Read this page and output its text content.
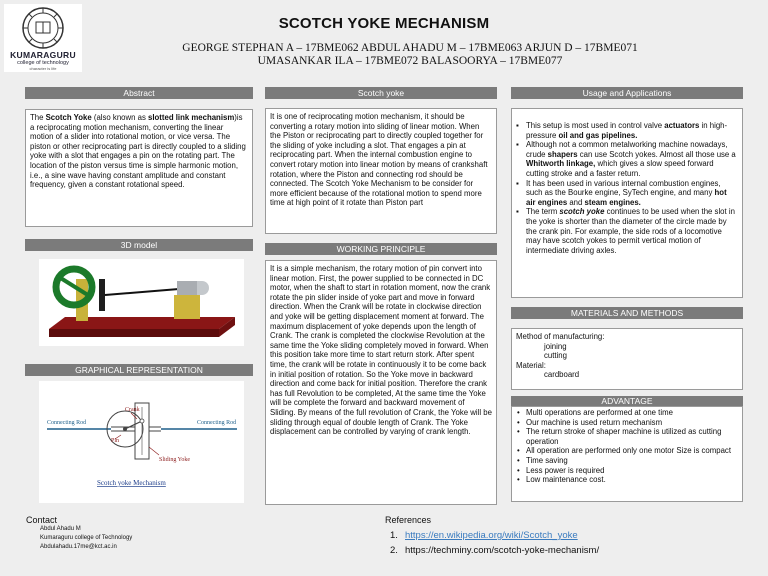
KUMARAGURU
college of technology
character is life
SCOTCH YOKE MECHANISM
GEORGE STEPHAN A – 17BME062 ABDUL AHADU M – 17BME063 ARJUN D – 17BME071
UMASANKAR ILA – 17BME072 BALASOORYA – 17BME077
Abstract
The Scotch Yoke (also known as slotted link mechanism)is a reciprocating motion mechanism, converting the linear motion of a slider into rotational motion, or vice versa. The piston or other reciprocating part is directly coupled to a sliding yoke with a slot that engages a pin on the rotating part. The location of the piston versus time is simple harmonic motion, i.e., a sine wave having constant amplitude and constant frequency, given a constant rotational speed.
3D model
GRAPHICAL REPRESENTATION
Connecting Rod	Connecting Rod
Crank
Pin
Sliding Yoke
Scotch yoke Mechanism
Scotch yoke
It is one of reciprocating motion mechanism, it should be converting a rotary motion into sliding of linear motion. When the Piston or reciprocating part to directly coupled together for the sliding of yoke including a slot. That engages a pin at reciprocating part. When the internal combustion engine to convert rotary motion into linear motion by means of crankshaft rotation, where the Piston and connecting rod should be connected. The Scotch Yoke Mechanism to be consider for more efficient because of the rotational motion to spend more time at high point of it rotate than Piston part
WORKING PRINCIPLE
It is a simple mechanism, the rotary motion of pin convert into linear motion. First, the power supplied to be connected in DC motor, when the shaft to start in rotation moment, now the crank rotate the pin slider inside of yoke part and move in forward direction. When the Crank will be rotate in clockwise direction and yoke will be getting displacement moment at forward. The maximum displacement of yoke depends upon the length of Crank. The crank is completed the clockwise Revolution at the same time the Yoke sliding completely moved in forward. When this position take more time to start return stork. After spent time, the crank will be rotate in continuously it to be come back in initial position of rotation. So the Yoke move in backward direction and come back for initial position. Therefore the crank has full Revolution to be completed, At the same time the Yoke will be complete the forward and backward movement of Sliding. By means of the full revolution of Crank, the Yoke will be sliding through equal of double length of Crank. The Yoke displacement can be controlled by varying of crank length.
Usage and Applications
▪ This setup is most used in control valve actuators in high-pressure oil and gas pipelines.
▪ Although not a common metalworking machine nowadays, crude shapers can use Scotch yokes. Almost all those use a Whitworth linkage, which gives a slow speed forward cutting stroke and a faster return.
▪ It has been used in various internal combustion engines, such as the Bourke engine, SyTech engine, and many hot air engines and steam engines.
▪ The term scotch yoke continues to be used when the slot in the yoke is shorter than the diameter of the circle made by the crank pin. For example, the side rods of a locomotive may have scotch yokes to permit vertical motion of intermediate driving axles.
MATERIALS AND METHODS
Method of manufacturing:
joining
cutting
Material:
cardboard
ADVANTAGE
• Multi operations are performed at one time
• Our machine is used return mechanism
• The return stroke of shaper machine is utilized as cutting operation
• All operation are performed only one motor Size is compact
• Time saving
• Less power is required
• Low maintenance cost.
Contact
Abdul Ahadu M
Kumaraguru college of Technology
Abdulahadu.17me@kct.ac.in
References
1. https://en.wikipedia.org/wiki/Scotch_yoke
2. https://techminy.com/scotch-yoke-mechanism/
